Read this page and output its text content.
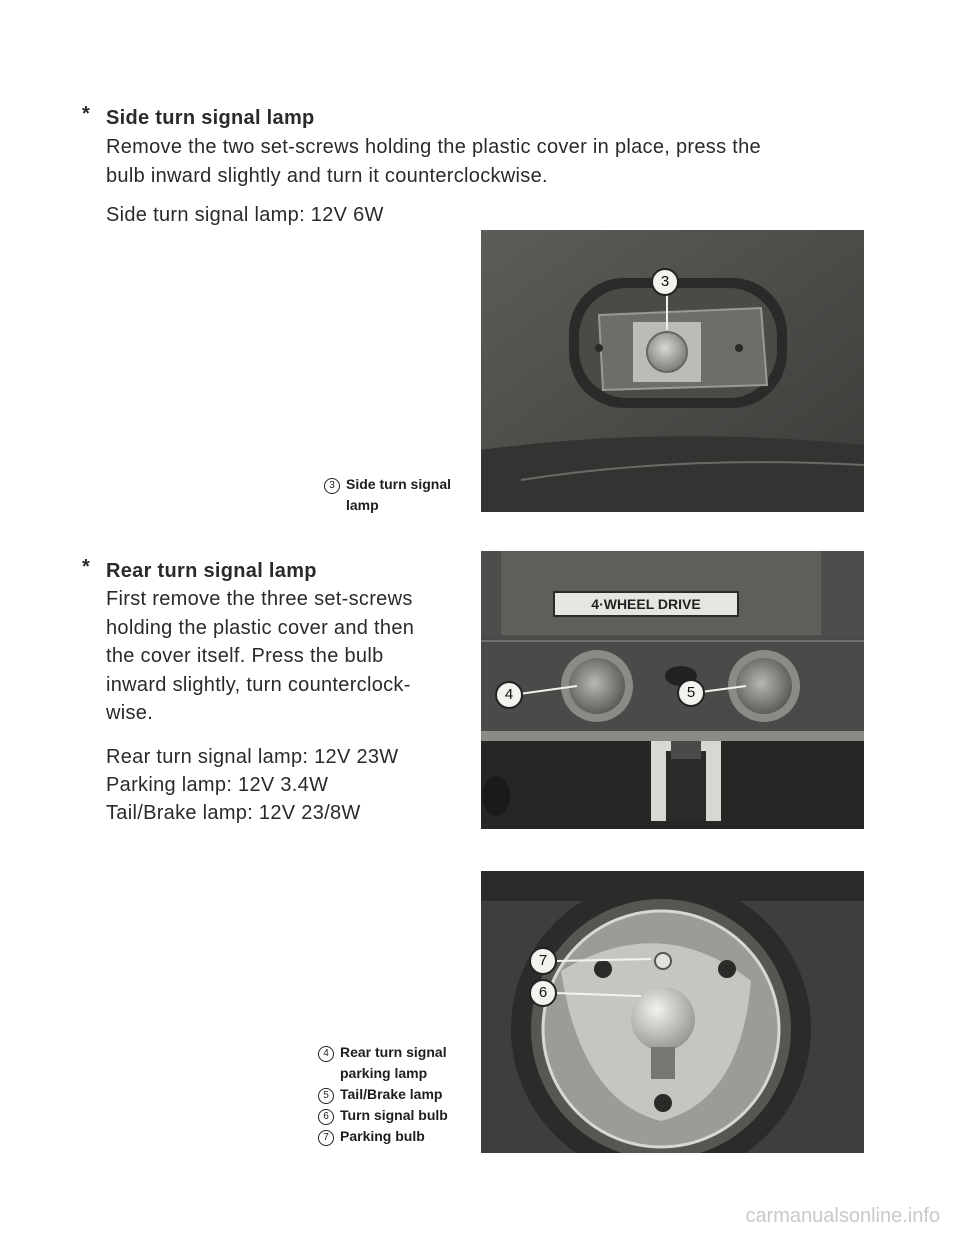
* Side turn signal lamp
Remove the two set-screws holding the plastic cover in place, press the
bulb inward slightly and turn it counterclockwise.
Side turn signal lamp: 12V 6W
3 Side turn signal
lamp
3
* Rear turn signal lamp
First remove the three set-screws
holding the plastic cover and then
the cover itself. Press the bulb
inward slightly, turn counterclock-
wise.
Rear turn signal lamp: 12V 23W
Parking lamp: 12V 3.4W
Tail/Brake lamp: 12V 23/8W
4·WHEEL DRIVE
4	5
7
6
4 Rear turn signal
parking lamp
5 Tail/Brake lamp
6 Turn signal bulb
7 Parking bulb
carmanualsonline.info
